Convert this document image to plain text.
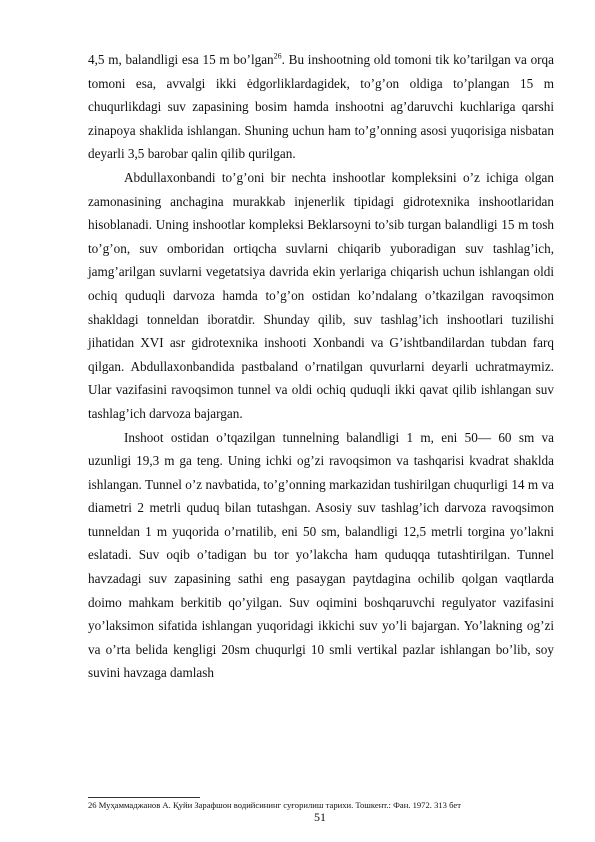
4,5 m, balandligi esa 15 m bo’lgan$^{26}$. Bu inshootning old tomoni tik ko’tarilgan va orqa tomoni esa, avvalgi ikki ėdgorliklardagidek, to’g’on oldiga to’plangan 15 m chuqurlikdagi suv zapasining bosim hamda inshootni ag’daruvchi kuchlariga qarshi zinapoya shaklida ishlangan. Shuning uchun ham to’g’onning asosi yuqorisiga nisbatan deyarli 3,5 barobar qalin qilib qurilgan.

Abdullaxonbandi to’g’oni bir nechta inshootlar kompleksini o’z ichiga olgan zamonasining anchagina murakkab injenerlik tipidagi gidrotexnika inshootlaridan hisoblanadi. Uning inshootlar kompleksi Beklarsoyni to’sib turgan balandligi 15 m tosh to’g’on, suv omboridan ortiqcha suvlarni chiqarib yuboradigan suv tashlag’ich, jamg’arilgan suvlarni vegetatsiya davrida ekin yerlariga chiqarish uchun ishlangan oldi ochiq quduqli darvoza hamda to’g’on ostidan ko’ndalang o’tkazilgan ravoqsimon shakldagi tonneldan iboratdir. Shunday qilib, suv tashlag’ich inshootlari tuzilishi jihatidan XVI asr gidrotexnika inshooti Xonbandi va G’ishtbandilardan tubdan farq qilgan. Abdullaxonbandida pastbaland o’rnatilgan quvurlarni deyarli uchratmaymiz. Ular vazifasini ravoqsimon tunnel va oldi ochiq quduqli ikki qavat qilib ishlangan suv tashlag’ich darvoza bajargan.

Inshoot ostidan o’tqazilgan tunnelning balandligi 1 m, eni 50— 60 sm va uzunligi 19,3 m ga teng. Uning ichki og’zi ravoqsimon va tashqarisi kvadrat shaklda ishlangan. Tunnel o’z navbatida, to’g’onning markazidan tushirilgan chuqurligi 14 m va diametri 2 metrli quduq bilan tutashgan. Asosiy suv tashlag’ich darvoza ravoqsimon tunneldan 1 m yuqorida o’rnatilib, eni 50 sm, balandligi 12,5 metrli torgina yo’lakni eslatadi. Suv oqib o’tadigan bu tor yo’lakcha ham quduqqa tutashtirilgan. Tunnel havzadagi suv zapasining sathi eng pasaygan paytdagina ochilib qolgan vaqtlarda doimo mahkam berkitib qo’yilgan. Suv oqimini boshqaruvchi regulyator vazifasini yo’laksimon sifatida ishlangan yuqoridagi ikkichi suv yo’li bajargan. Yo’lakning og’zi va o’rta belida kengligi 20sm chuqurlgi 10 smli vertikal pazlar ishlangan bo’lib, soy suvini havzaga damlash

26 Муҳаммаджанов А. Қуйи Зарафшон водийсининг суғорилиш тарихи. Тошкент.: Фан. 1972. 313 бет
51
